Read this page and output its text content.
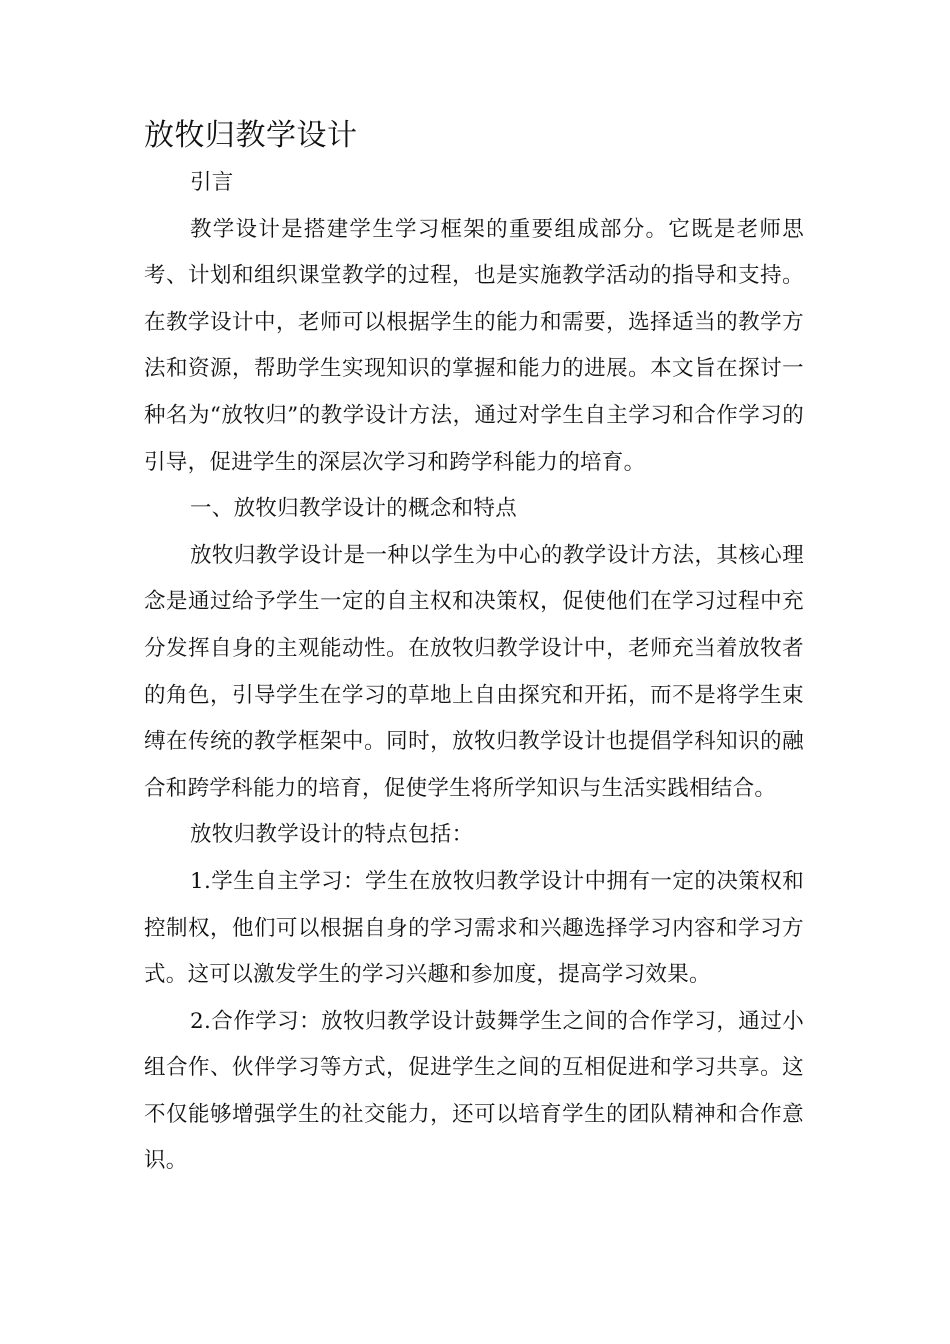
放牧归教学设计

引言

教学设计是搭建学生学习框架的重要组成部分。它既是老师思考、计划和组织课堂教学的过程，也是实施教学活动的指导和支持。在教学设计中，老师可以根据学生的能力和需要，选择适当的教学方法和资源，帮助学生实现知识的掌握和能力的进展。本文旨在探讨一种名为“放牧归”的教学设计方法，通过对学生自主学习和合作学习的引导，促进学生的深层次学习和跨学科能力的培育。

一、放牧归教学设计的概念和特点

放牧归教学设计是一种以学生为中心的教学设计方法，其核心理念是通过给予学生一定的自主权和决策权，促使他们在学习过程中充分发挥自身的主观能动性。在放牧归教学设计中，老师充当着放牧者的角色，引导学生在学习的草地上自由探究和开拓，而不是将学生束缚在传统的教学框架中。同时，放牧归教学设计也提倡学科知识的融合和跨学科能力的培育，促使学生将所学知识与生活实践相结合。

放牧归教学设计的特点包括：

1.学生自主学习：学生在放牧归教学设计中拥有一定的决策权和控制权，他们可以根据自身的学习需求和兴趣选择学习内容和学习方式。这可以激发学生的学习兴趣和参加度，提高学习效果。

2.合作学习：放牧归教学设计鼓舞学生之间的合作学习，通过小组合作、伙伴学习等方式，促进学生之间的互相促进和学习共享。这不仅能够增强学生的社交能力，还可以培育学生的团队精神和合作意识。
